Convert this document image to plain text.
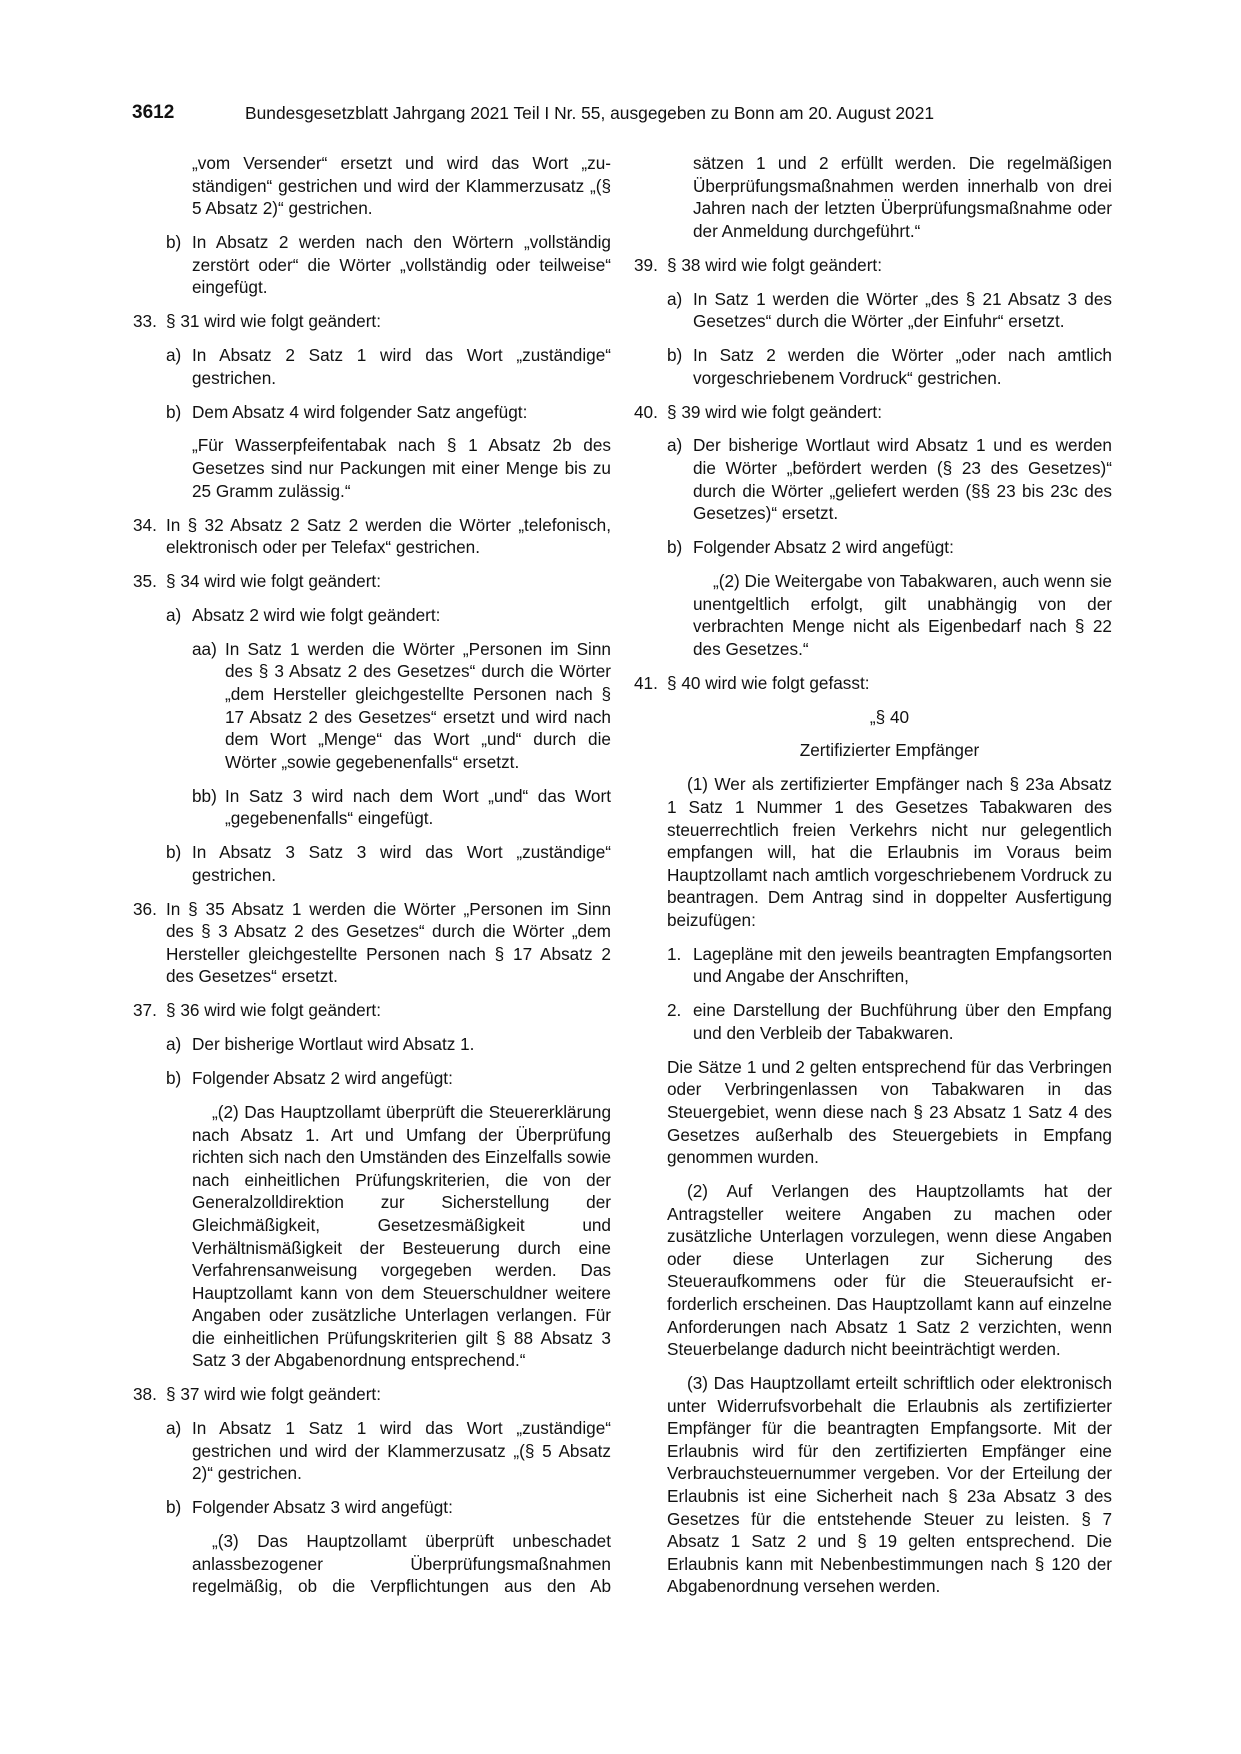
3612	Bundesgesetzblatt Jahrgang 2021 Teil I Nr. 55, ausgegeben zu Bonn am 20. August 2021

„vom Versender“ ersetzt und wird das Wort „zuständigen“ gestrichen und wird der Klammerzusatz „(§ 5 Absatz 2)“ gestrichen.

b) In Absatz 2 werden nach den Wörtern „vollständig zerstört oder“ die Wörter „vollständig oder teilweise“ eingefügt.
33. § 31 wird wie folgt geändert:
a) In Absatz 2 Satz 1 wird das Wort „zuständige“ gestrichen.
b) Dem Absatz 4 wird folgender Satz angefügt:

„Für Wasserpfeifentabak nach § 1 Absatz 2b des Gesetzes sind nur Packungen mit einer Menge bis zu 25 Gramm zulässig.“

34. In § 32 Absatz 2 Satz 2 werden die Wörter „telefonisch, elektronisch oder per Telefax“ gestrichen.
35. § 34 wird wie folgt geändert:
a) Absatz 2 wird wie folgt geändert:
aa) In Satz 1 werden die Wörter „Personen im Sinn des § 3 Absatz 2 des Gesetzes“ durch die Wörter „dem Hersteller gleichgestellte Personen nach § 17 Absatz 2 des Gesetzes“ ersetzt und wird nach dem Wort „Menge“ das Wort „und“ durch die Wörter „sowie gegebenenfalls“ ersetzt.
bb) In Satz 3 wird nach dem Wort „und“ das Wort „gegebenenfalls“ eingefügt.
b) In Absatz 3 Satz 3 wird das Wort „zuständige“ gestrichen.
36. In § 35 Absatz 1 werden die Wörter „Personen im Sinn des § 3 Absatz 2 des Gesetzes“ durch die Wörter „dem Hersteller gleichgestellte Personen nach § 17 Absatz 2 des Gesetzes“ ersetzt.
37. § 36 wird wie folgt geändert:
a) Der bisherige Wortlaut wird Absatz 1.
b) Folgender Absatz 2 wird angefügt:

„(2) Das Hauptzollamt überprüft die Steuererklärung nach Absatz 1. Art und Umfang der Überprüfung richten sich nach den Umständen des Einzelfalls sowie nach einheitlichen Prüfungskriterien, die von der Generalzolldirektion zur Sicherstellung der Gleichmäßigkeit, Gesetzesmäßigkeit und Verhältnismäßigkeit der Besteuerung durch eine Verfahrensanweisung vorgegeben werden. Das Hauptzollamt kann von dem Steuerschuldner weitere Angaben oder zusätzliche Unterlagen verlangen. Für die einheitlichen Prüfungskriterien gilt § 88 Absatz 3 Satz 3 der Abgabenordnung entsprechend.“

38. § 37 wird wie folgt geändert:
a) In Absatz 1 Satz 1 wird das Wort „zuständige“ gestrichen und wird der Klammerzusatz „(§ 5 Absatz 2)“ gestrichen.
b) Folgender Absatz 3 wird angefügt:

„(3) Das Hauptzollamt überprüft unbeschadet anlassbezogener Überprüfungsmaßnahmen regelmäßig, ob die Verpflichtungen aus den Ab

sätzen 1 und 2 erfüllt werden. Die regelmäßigen Überprüfungsmaßnahmen werden innerhalb von drei Jahren nach der letzten Überprüfungsmaßnahme oder der Anmeldung durchgeführt.“

39. § 38 wird wie folgt geändert:
a) In Satz 1 werden die Wörter „des § 21 Absatz 3 des Gesetzes“ durch die Wörter „der Einfuhr“ ersetzt.
b) In Satz 2 werden die Wörter „oder nach amtlich vorgeschriebenem Vordruck“ gestrichen.
40. § 39 wird wie folgt geändert:
a) Der bisherige Wortlaut wird Absatz 1 und es werden die Wörter „befördert werden (§ 23 des Gesetzes)“ durch die Wörter „geliefert werden (§§ 23 bis 23c des Gesetzes)“ ersetzt.
b) Folgender Absatz 2 wird angefügt:

„(2) Die Weitergabe von Tabakwaren, auch wenn sie unentgeltlich erfolgt, gilt unabhängig von der verbrachten Menge nicht als Eigenbedarf nach § 22 des Gesetzes.“

41. § 40 wird wie folgt gefasst:

„§ 40

Zertifizierter Empfänger

(1) Wer als zertifizierter Empfänger nach § 23a Absatz 1 Satz 1 Nummer 1 des Gesetzes Tabakwaren des steuerrechtlich freien Verkehrs nicht nur gelegentlich empfangen will, hat die Erlaubnis im Voraus beim Hauptzollamt nach amtlich vorgeschriebenem Vordruck zu beantragen. Dem Antrag sind in doppelter Ausfertigung beizufügen:

1. Lagepläne mit den jeweils beantragten Empfangsorten und Angabe der Anschriften,
2. eine Darstellung der Buchführung über den Empfang und den Verbleib der Tabakwaren.

Die Sätze 1 und 2 gelten entsprechend für das Verbringen oder Verbringenlassen von Tabakwaren in das Steuergebiet, wenn diese nach § 23 Absatz 1 Satz 4 des Gesetzes außerhalb des Steuergebiets in Empfang genommen wurden.

(2) Auf Verlangen des Hauptzollamts hat der Antragsteller weitere Angaben zu machen oder zusätzliche Unterlagen vorzulegen, wenn diese Angaben oder diese Unterlagen zur Sicherung des Steueraufkommens oder für die Steueraufsicht erforderlich erscheinen. Das Hauptzollamt kann auf einzelne Anforderungen nach Absatz 1 Satz 2 verzichten, wenn Steuerbelange dadurch nicht beeinträchtigt werden.

(3) Das Hauptzollamt erteilt schriftlich oder elektronisch unter Widerrufsvorbehalt die Erlaubnis als zertifizierter Empfänger für die beantragten Empfangsorte. Mit der Erlaubnis wird für den zertifizierten Empfänger eine Verbrauchsteuernummer vergeben. Vor der Erteilung der Erlaubnis ist eine Sicherheit nach § 23a Absatz 3 des Gesetzes für die entstehende Steuer zu leisten. § 7 Absatz 1 Satz 2 und § 19 gelten entsprechend. Die Erlaubnis kann mit Nebenbestimmungen nach § 120 der Abgabenordnung versehen werden.
